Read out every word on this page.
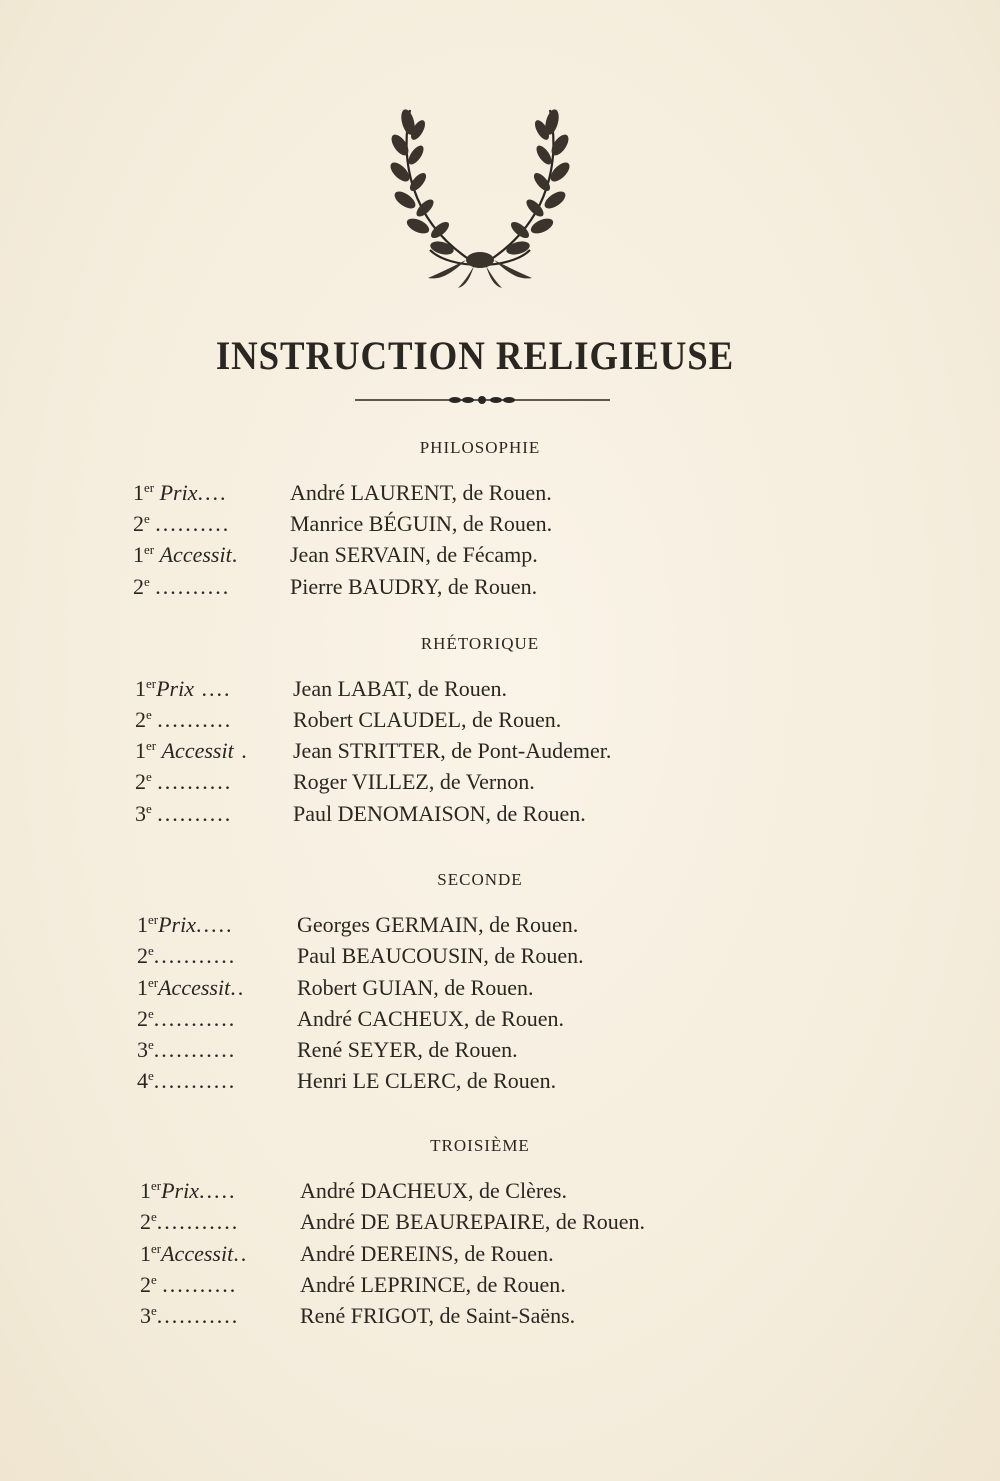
INSTRUCTION RELIGIEUSE
PHILOSOPHIE
1er Prix....	André LAURENT, de Rouen.
2e ..........	Manrice BÉGUIN, de Rouen.
1er Accessit.	Jean SERVAIN, de Fécamp.
2e ..........	Pierre BAUDRY, de Rouen.
RHÉTORIQUE
1erPrix ....	Jean LABAT, de Rouen.
2e ..........	Robert CLAUDEL, de Rouen.
1er Accessit .	Jean STRITTER, de Pont-Audemer.
2e ..........	Roger VILLEZ, de Vernon.
3e ..........	Paul DENOMAISON, de Rouen.
SECONDE
1erPrix.....	Georges GERMAIN, de Rouen.
2e...........	Paul BEAUCOUSIN, de Rouen.
1erAccessit..	Robert GUIAN, de Rouen.
2e...........	André CACHEUX, de Rouen.
3e...........	René SEYER, de Rouen.
4e...........	Henri LE CLERC, de Rouen.
TROISIÈME
1erPrix.....	André DACHEUX, de Clères.
2e...........	André DE BEAUREPAIRE, de Rouen.
1erAccessit..	André DEREINS, de Rouen.
2e ..........	André LEPRINCE, de Rouen.
3e...........	René FRIGOT, de Saint-Saëns.
